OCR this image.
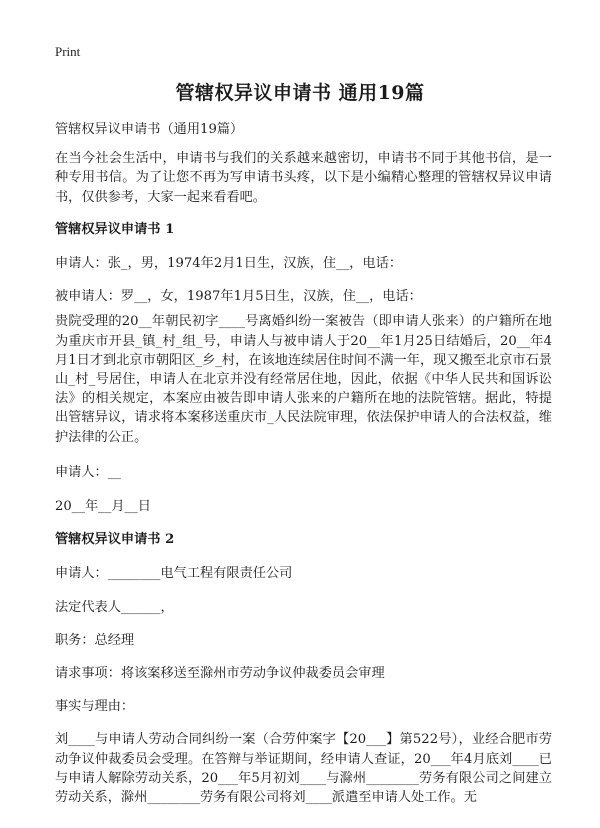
Print
管辖权异议申请书 通用19篇

管辖权异议申请书（通用19篇）

在当今社会生活中，申请书与我们的关系越来越密切，申请书不同于其他书信，是一种专用书信。为了让您不再为写申请书头疼，以下是小编精心整理的管辖权异议申请书，仅供参考，大家一起来看看吧。

管辖权异议申请书 1

申请人：张_，男，1974年2月1日生，汉族，住__，电话：

被申请人：罗__，女，1987年1月5日生，汉族，住__，电话：

贵院受理的20__年朝民初字____号离婚纠纷一案被告（即申请人张来）的户籍所在地为重庆市开县_镇_村_组_号，申请人与被申请人于20__年1月25日结婚后，20__年4月1日才到北京市朝阳区_乡_村，在该地连续居住时间不满一年，现又搬至北京市石景山_村_号居住，申请人在北京并没有经常居住地，因此，依据《中华人民共和国诉讼法》的相关规定，本案应由被告即申请人张来的户籍所在地的法院管辖。据此，特提出管辖异议，请求将本案移送重庆市_人民法院审理，依法保护申请人的合法权益，维护法律的公正。

申请人：__

20__年__月__日

管辖权异议申请书 2

申请人：________电气工程有限责任公司

法定代表人______，

职务：总经理

请求事项：将该案移送至滁州市劳动争议仲裁委员会审理

事实与理由：

刘____与申请人劳动合同纠纷一案（合劳仲案字【20___】第522号），业经合肥市劳动争议仲裁委员会受理。在答辩与举证期间，经申请人查证，20___年4月底刘____已与申请人解除劳动关系，20___年5月初刘____与滁州________劳务有限公司之间建立劳动关系，滁州________劳务有限公司将刘____派遣至申请人处工作。无
